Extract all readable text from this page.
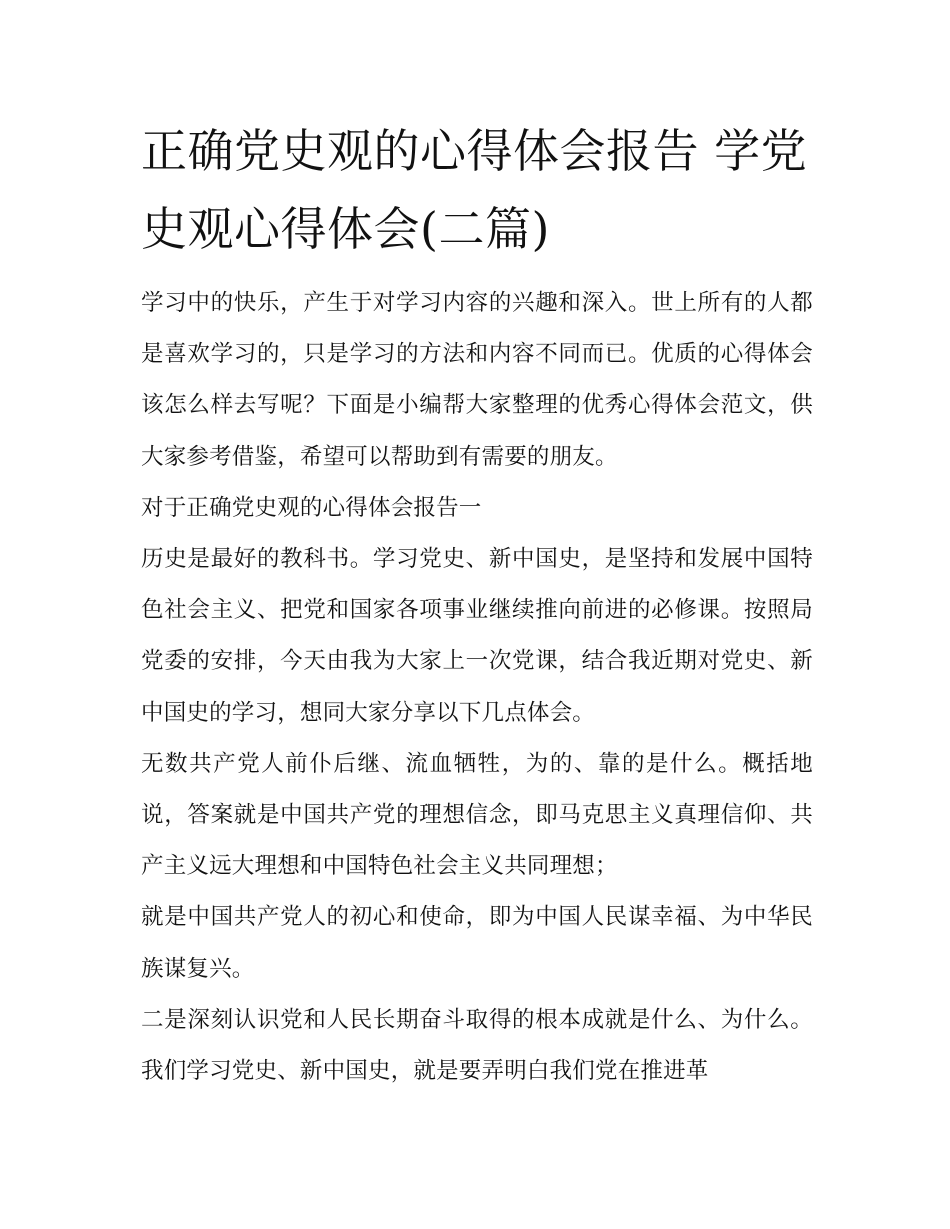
正确党史观的心得体会报告 学党史观心得体会(二篇)

学习中的快乐，产生于对学习内容的兴趣和深入。世上所有的人都是喜欢学习的，只是学习的方法和内容不同而已。优质的心得体会该怎么样去写呢？下面是小编帮大家整理的优秀心得体会范文，供大家参考借鉴，希望可以帮助到有需要的朋友。

对于正确党史观的心得体会报告一

历史是最好的教科书。学习党史、新中国史，是坚持和发展中国特色社会主义、把党和国家各项事业继续推向前进的必修课。按照局党委的安排，今天由我为大家上一次党课，结合我近期对党史、新中国史的学习，想同大家分享以下几点体会。

无数共产党人前仆后继、流血牺牲，为的、靠的是什么。概括地说，答案就是中国共产党的理想信念，即马克思主义真理信仰、共产主义远大理想和中国特色社会主义共同理想；

就是中国共产党人的初心和使命，即为中国人民谋幸福、为中华民族谋复兴。

二是深刻认识党和人民长期奋斗取得的根本成就是什么、为什么。我们学习党史、新中国史，就是要弄明白我们党在推进革
